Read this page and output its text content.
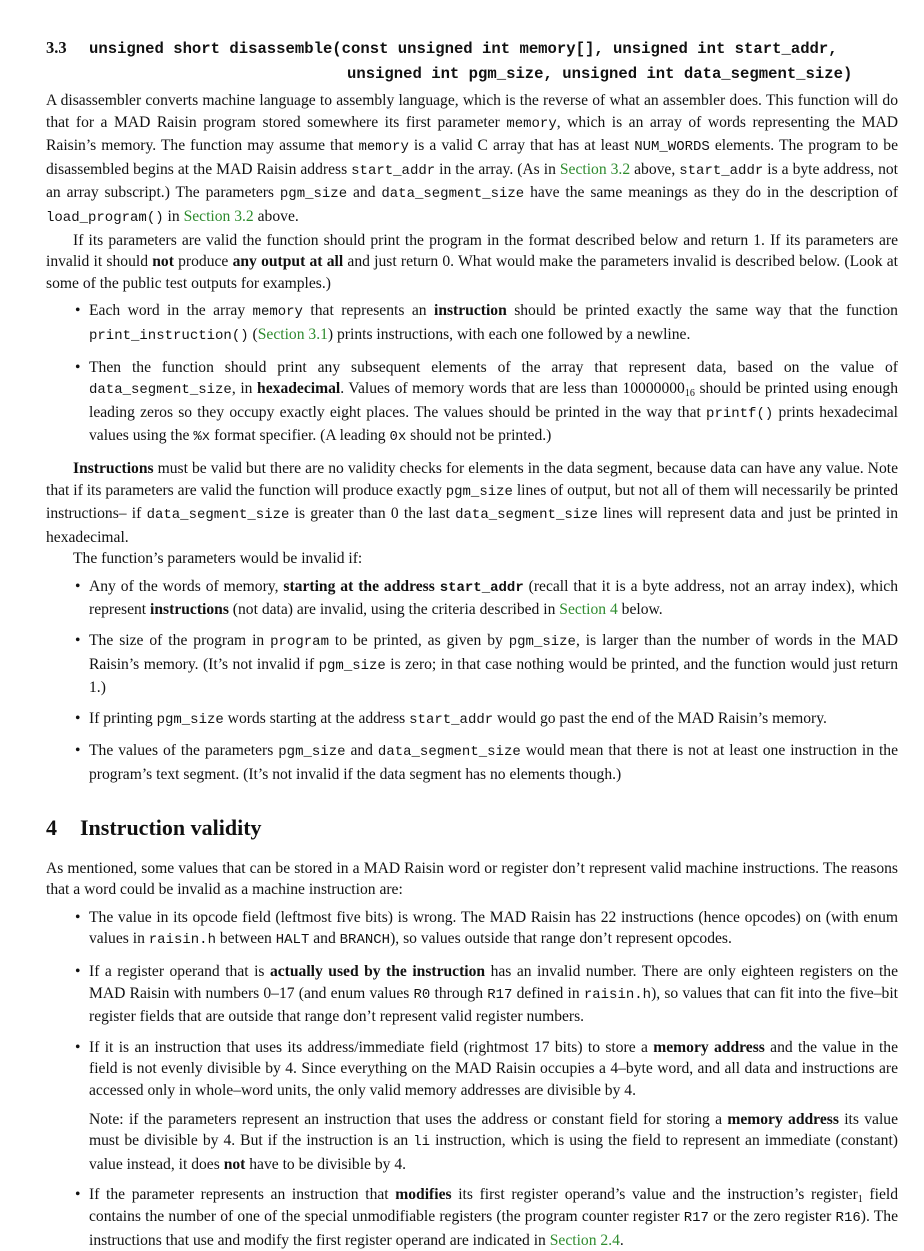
3.3 unsigned short disassemble(const unsigned int memory[], unsigned int start_addr,
unsigned int pgm_size, unsigned int data_segment_size)

A disassembler converts machine language to assembly language, which is the reverse of what an assembler does. This function will do that for a MAD Raisin program stored somewhere its first parameter memory, which is an array of words representing the MAD Raisin’s memory. The function may assume that memory is a valid C array that has at least NUM_WORDS elements. The program to be disassembled begins at the MAD Raisin address start_addr in the array. (As in Section 3.2 above, start_addr is a byte address, not an array subscript.) The parameters pgm_size and data_segment_size have the same meanings as they do in the description of load_program() in Section 3.2 above.

If its parameters are valid the function should print the program in the format described below and return 1. If its parameters are invalid it should not produce any output at all and just return 0. What would make the parameters invalid is described below. (Look at some of the public test outputs for examples.)

• Each word in the array memory that represents an instruction should be printed exactly the same way that the function print_instruction() (Section 3.1) prints instructions, with each one followed by a newline.
• Then the function should print any subsequent elements of the array that represent data, based on the value of data_segment_size, in hexadecimal. Values of memory words that are less than $10000000_{16}$ should be printed using enough leading zeros so they occupy exactly eight places. The values should be printed in the way that printf() prints hexadecimal values using the %x format specifier. (A leading 0x should not be printed.)

Instructions must be valid but there are no validity checks for elements in the data segment, because data can have any value. Note that if its parameters are valid the function will produce exactly pgm_size lines of output, but not all of them will necessarily be printed instructions– if data_segment_size is greater than 0 the last data_segment_size lines will represent data and just be printed in hexadecimal.

The function’s parameters would be invalid if:

• Any of the words of memory, starting at the address start_addr (recall that it is a byte address, not an array index), which represent instructions (not data) are invalid, using the criteria described in Section 4 below.
• The size of the program in program to be printed, as given by pgm_size, is larger than the number of words in the MAD Raisin’s memory. (It’s not invalid if pgm_size is zero; in that case nothing would be printed, and the function would just return 1.)
• If printing pgm_size words starting at the address start_addr would go past the end of the MAD Raisin’s memory.
• The values of the parameters pgm_size and data_segment_size would mean that there is not at least one instruction in the program’s text segment. (It’s not invalid if the data segment has no elements though.)
4 Instruction validity

As mentioned, some values that can be stored in a MAD Raisin word or register don’t represent valid machine instructions. The reasons that a word could be invalid as a machine instruction are:

• The value in its opcode field (leftmost five bits) is wrong. The MAD Raisin has 22 instructions (hence opcodes) on (with enum values in raisin.h between HALT and BRANCH), so values outside that range don’t represent opcodes.
• If a register operand that is actually used by the instruction has an invalid number. There are only eighteen registers on the MAD Raisin with numbers 0–17 (and enum values R0 through R17 defined in raisin.h), so values that can fit into the five–bit register fields that are outside that range don’t represent valid register numbers.
• If it is an instruction that uses its address/immediate field (rightmost 17 bits) to store a memory address and the value in the field is not evenly divisible by 4. Since everything on the MAD Raisin occupies a 4–byte word, and all data and instructions are accessed only in whole–word units, the only valid memory addresses are divisible by 4.
Note: if the parameters represent an instruction that uses the address or constant field for storing a memory address its value must be divisible by 4. But if the instruction is an li instruction, which is using the field to represent an immediate (constant) value instead, it does not have to be divisible by 4.
• If the parameter represents an instruction that modifies its first register operand’s value and the instruction’s register$_1$ field contains the number of one of the special unmodifiable registers (the program counter register R17 or the zero register R16). The instructions that use and modify the first register operand are indicated in Section 2.4.
